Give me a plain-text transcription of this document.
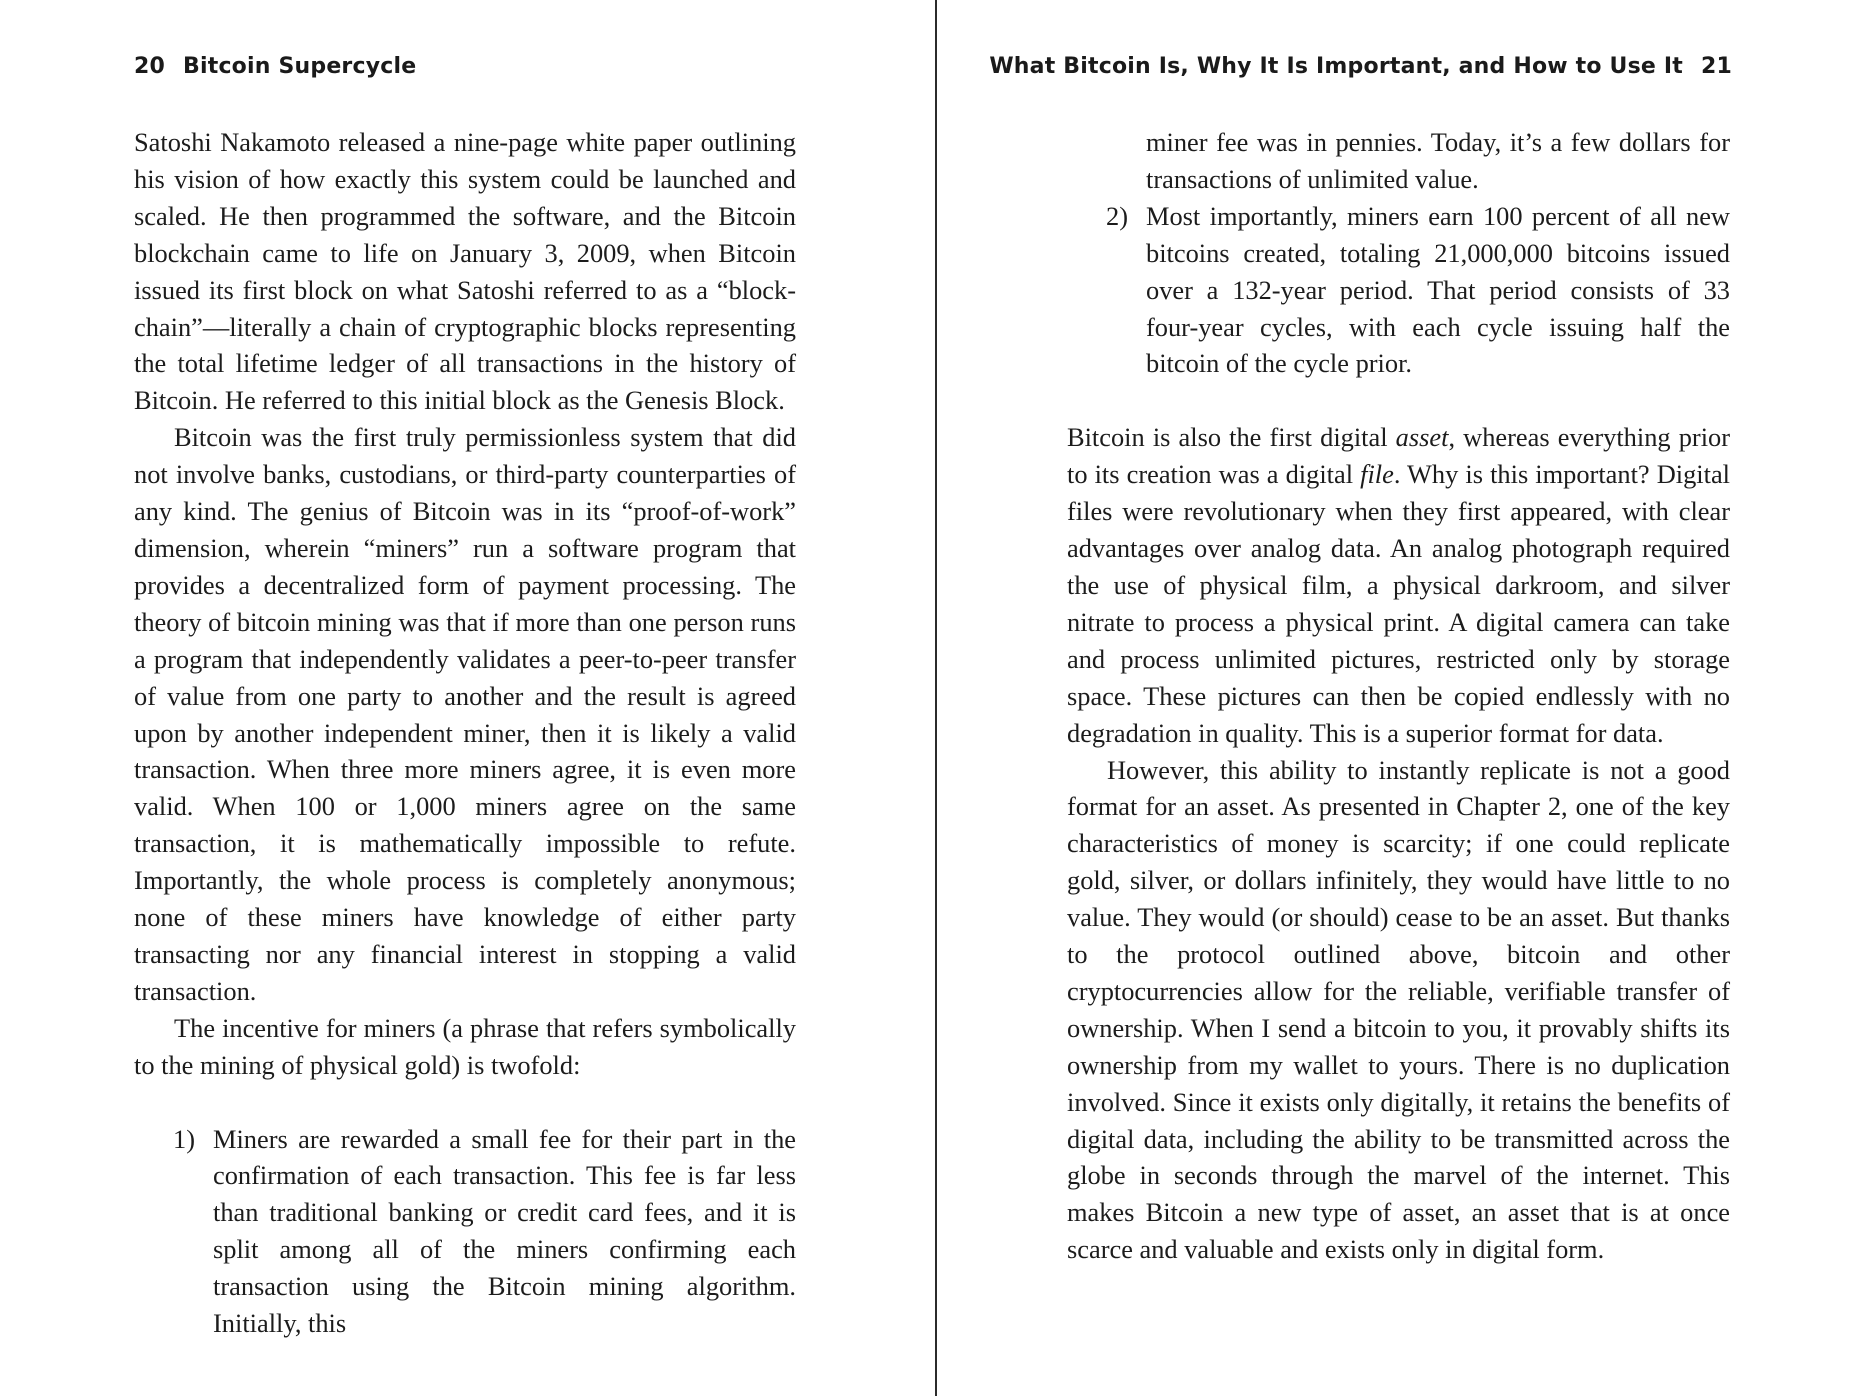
20 Bitcoin Supercycle

Satoshi Nakamoto released a nine-page white paper outlining his vision of how exactly this system could be launched and scaled. He then programmed the software, and the Bitcoin blockchain came to life on January 3, 2009, when Bitcoin issued its first block on what Satoshi referred to as a “block-chain”—literally a chain of cryptographic blocks representing the total lifetime ledger of all transactions in the history of Bitcoin. He referred to this initial block as the Genesis Block.

Bitcoin was the first truly permissionless system that did not involve banks, custodians, or third-party counterparties of any kind. The genius of Bitcoin was in its “proof-of-work” dimension, wherein “miners” run a software program that provides a decentralized form of payment processing. The theory of bitcoin mining was that if more than one person runs a program that independently validates a peer-to-peer transfer of value from one party to another and the result is agreed upon by another independent miner, then it is likely a valid transaction. When three more miners agree, it is even more valid. When 100 or 1,000 miners agree on the same transaction, it is mathematically impossible to refute. Importantly, the whole process is completely anonymous; none of these miners have knowledge of either party transacting nor any financial interest in stopping a valid transaction.

The incentive for miners (a phrase that refers symbolically to the mining of physical gold) is twofold:

1) Miners are rewarded a small fee for their part in the confirmation of each transaction. This fee is far less than traditional banking or credit card fees, and it is split among all of the miners confirming each transaction using the Bitcoin mining algorithm. Initially, this
What Bitcoin Is, Why It Is Important, and How to Use It 21

miner fee was in pennies. Today, it’s a few dollars for transactions of unlimited value.

2) Most importantly, miners earn 100 percent of all new bitcoins created, totaling 21,000,000 bitcoins issued over a 132-year period. That period consists of 33 four-year cycles, with each cycle issuing half the bitcoin of the cycle prior.

Bitcoin is also the first digital asset, whereas everything prior to its creation was a digital file. Why is this important? Digital files were revolutionary when they first appeared, with clear advantages over analog data. An analog photograph required the use of physical film, a physical darkroom, and silver nitrate to process a physical print. A digital camera can take and process unlimited pictures, restricted only by storage space. These pictures can then be copied endlessly with no degradation in quality. This is a superior format for data.

However, this ability to instantly replicate is not a good format for an asset. As presented in Chapter 2, one of the key characteristics of money is scarcity; if one could replicate gold, silver, or dollars infinitely, they would have little to no value. They would (or should) cease to be an asset. But thanks to the protocol outlined above, bitcoin and other cryptocurrencies allow for the reliable, verifiable transfer of ownership. When I send a bitcoin to you, it provably shifts its ownership from my wallet to yours. There is no duplication involved. Since it exists only digitally, it retains the benefits of digital data, including the ability to be transmitted across the globe in seconds through the marvel of the internet. This makes Bitcoin a new type of asset, an asset that is at once scarce and valuable and exists only in digital form.
